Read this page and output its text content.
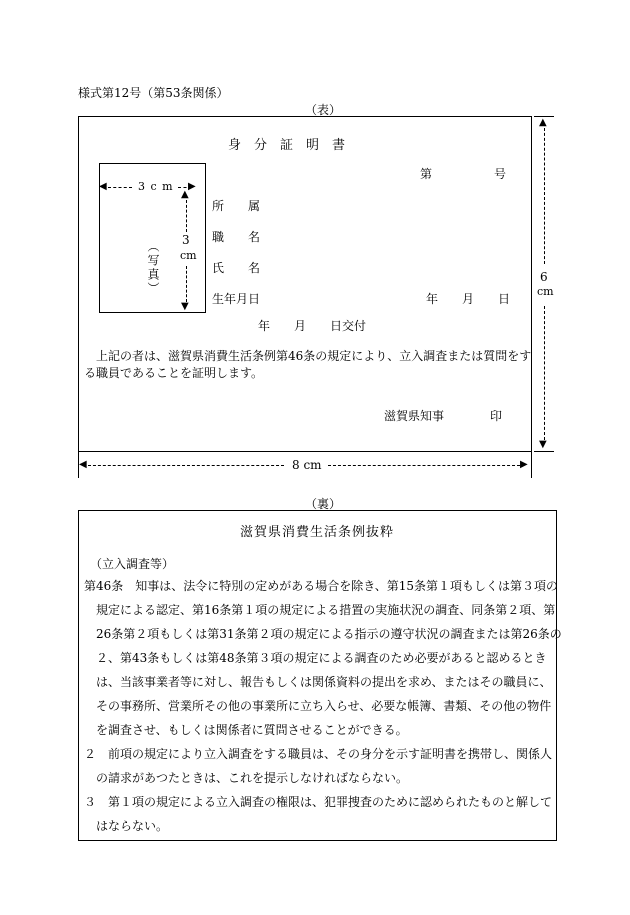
様式第12号（第53条関係）
（表）
身　分　証　明　書
第	号
◀	3 c m ▶
▲
3
cm
▼
（写真）
所　　属
職　　名
氏　　名
生年月日	年 月 日
年　　月　　日交付
上記の者は、滋賀県消費生活条例第46条の規定により、立入調査または質問をす
る職員であることを証明します。
滋賀県知事	印
▲
6
cm
▼
◀	8 cm	▶
（裏）
滋賀県消費生活条例抜粋
（立入調査等）
第46条　知事は、法令に特別の定めがある場合を除き、第15条第１項もしくは第３項の
規定による認定、第16条第１項の規定による措置の実施状況の調査、同条第２項、第
26条第２項もしくは第31条第２項の規定による指示の遵守状況の調査または第26条の
２、第43条もしくは第48条第３項の規定による調査のため必要があると認めるとき
は、当該事業者等に対し、報告もしくは関係資料の提出を求め、またはその職員に、
その事務所、営業所その他の事業所に立ち入らせ、必要な帳簿、書類、その他の物件
を調査させ、もしくは関係者に質問させることができる。
２　前項の規定により立入調査をする職員は、その身分を示す証明書を携帯し、関係人
の請求があつたときは、これを提示しなければならない。
３　第１項の規定による立入調査の権限は、犯罪捜査のために認められたものと解して
はならない。
